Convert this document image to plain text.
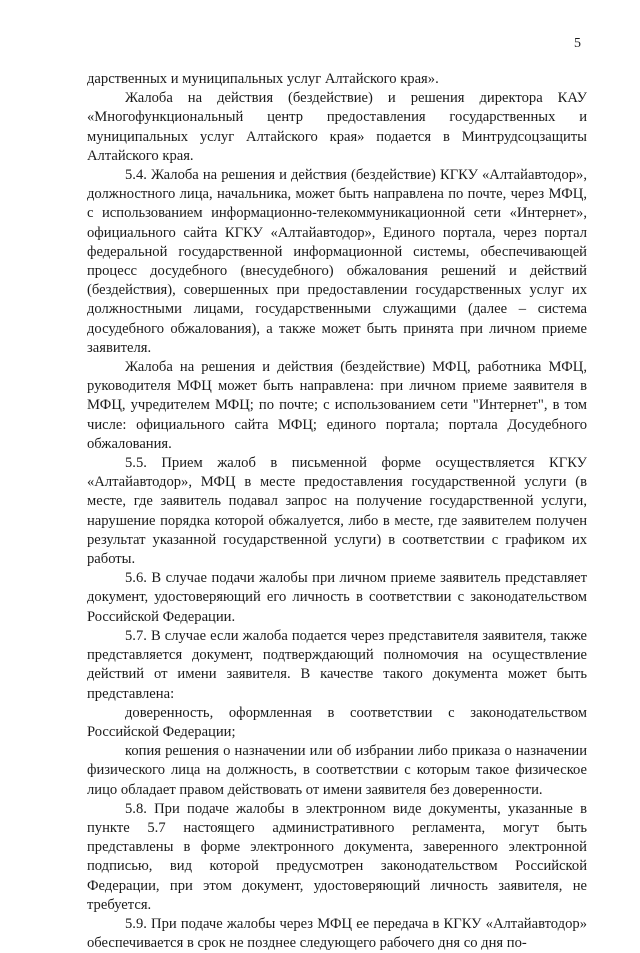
5

дарственных и муниципальных услуг Алтайского края».

Жалоба на действия (бездействие) и решения директора КАУ «Многофункциональный центр предоставления государственных и муниципальных услуг Алтайского края» подается в Минтрудсоцзащиты Алтайского края.

5.4. Жалоба на решения и действия (бездействие) КГКУ «Алтайавтодор», должностного лица, начальника, может быть направлена по почте, через МФЦ, с использованием информационно-телекоммуникационной сети «Интернет», официального сайта КГКУ «Алтайавтодор», Единого портала, через портал федеральной государственной информационной системы, обеспечивающей процесс досудебного (внесудебного) обжалования решений и действий (бездействия), совершенных при предоставлении государственных услуг их должностными лицами, государственными служащими (далее – система досудебного обжалования), а также может быть принята при личном приеме заявителя.

Жалоба на решения и действия (бездействие) МФЦ, работника МФЦ, руководителя МФЦ может быть направлена: при личном приеме заявителя в МФЦ, учредителем МФЦ; по почте; с использованием сети "Интернет", в том числе: официального сайта МФЦ; единого портала; портала Досудебного обжалования.

5.5. Прием жалоб в письменной форме осуществляется КГКУ «Алтайавтодор», МФЦ в месте предоставления государственной услуги (в месте, где заявитель подавал запрос на получение государственной услуги, нарушение порядка которой обжалуется, либо в месте, где заявителем получен результат указанной государственной услуги) в соответствии с графиком их работы.

5.6. В случае подачи жалобы при личном приеме заявитель представляет документ, удостоверяющий его личность в соответствии с законодательством Российской Федерации.

5.7. В случае если жалоба подается через представителя заявителя, также представляется документ, подтверждающий полномочия на осуществление действий от имени заявителя. В качестве такого документа может быть представлена:

доверенность, оформленная в соответствии с законодательством Российской Федерации;

копия решения о назначении или об избрании либо приказа о назначении физического лица на должность, в соответствии с которым такое физическое лицо обладает правом действовать от имени заявителя без доверенности.

5.8. При подаче жалобы в электронном виде документы, указанные в пункте 5.7 настоящего административного регламента, могут быть представлены в форме электронного документа, заверенного электронной подписью, вид которой предусмотрен законодательством Российской Федерации, при этом документ, удостоверяющий личность заявителя, не требуется.

5.9. При подаче жалобы через МФЦ ее передача в КГКУ «Алтайавтодор» обеспечивается в срок не позднее следующего рабочего дня со дня по-
